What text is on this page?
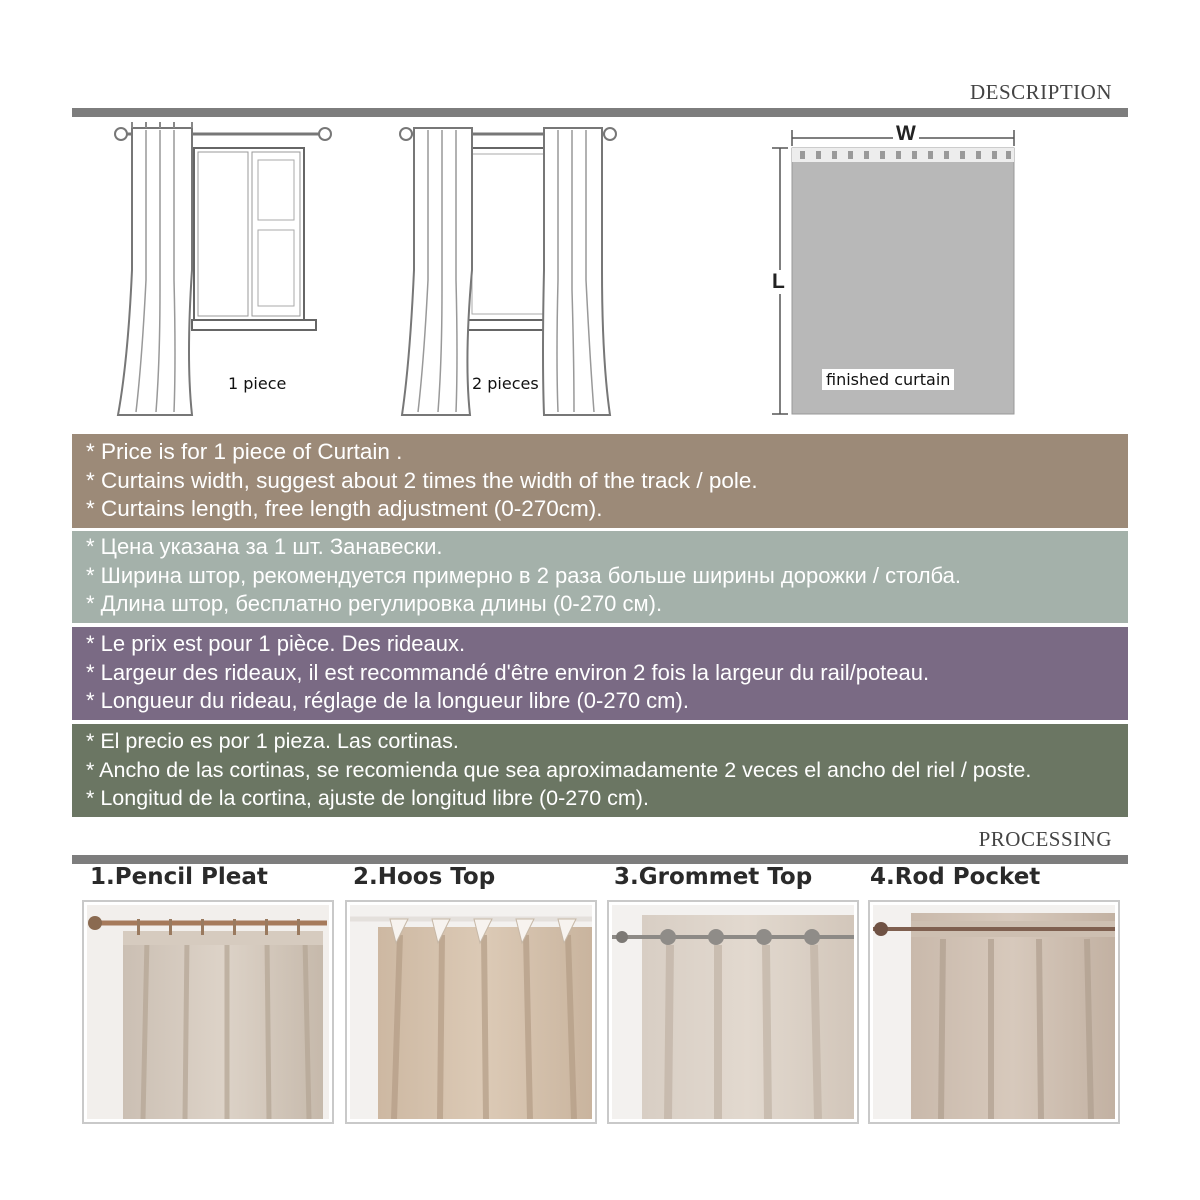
DESCRIPTION
1 piece	2 pieces
W
L
finished curtain
* Price is for 1 piece of Curtain .
* Curtains width, suggest about 2 times the width of the track / pole.
* Curtains length, free length adjustment (0-270cm).
* Цена указана за 1 шт. Занавески.
* Ширина штор, рекомендуется примерно в 2 раза больше ширины дорожки / столба.
* Длина штор, бесплатно регулировка длины (0-270 см).
* Le prix est pour 1 pièce. Des rideaux.
* Largeur des rideaux, il est recommandé d'être environ 2 fois la largeur du rail/poteau.
* Longueur du rideau, réglage de la longueur libre (0-270 cm).
* El precio es por 1 pieza. Las cortinas.
* Ancho de las cortinas, se recomienda que sea aproximadamente 2 veces el ancho del riel / poste.
* Longitud de la cortina, ajuste de longitud libre (0-270 cm).
PROCESSING
1.Pencil Pleat	2.Hoos Top	3.Grommet Top	4.Rod Pocket
